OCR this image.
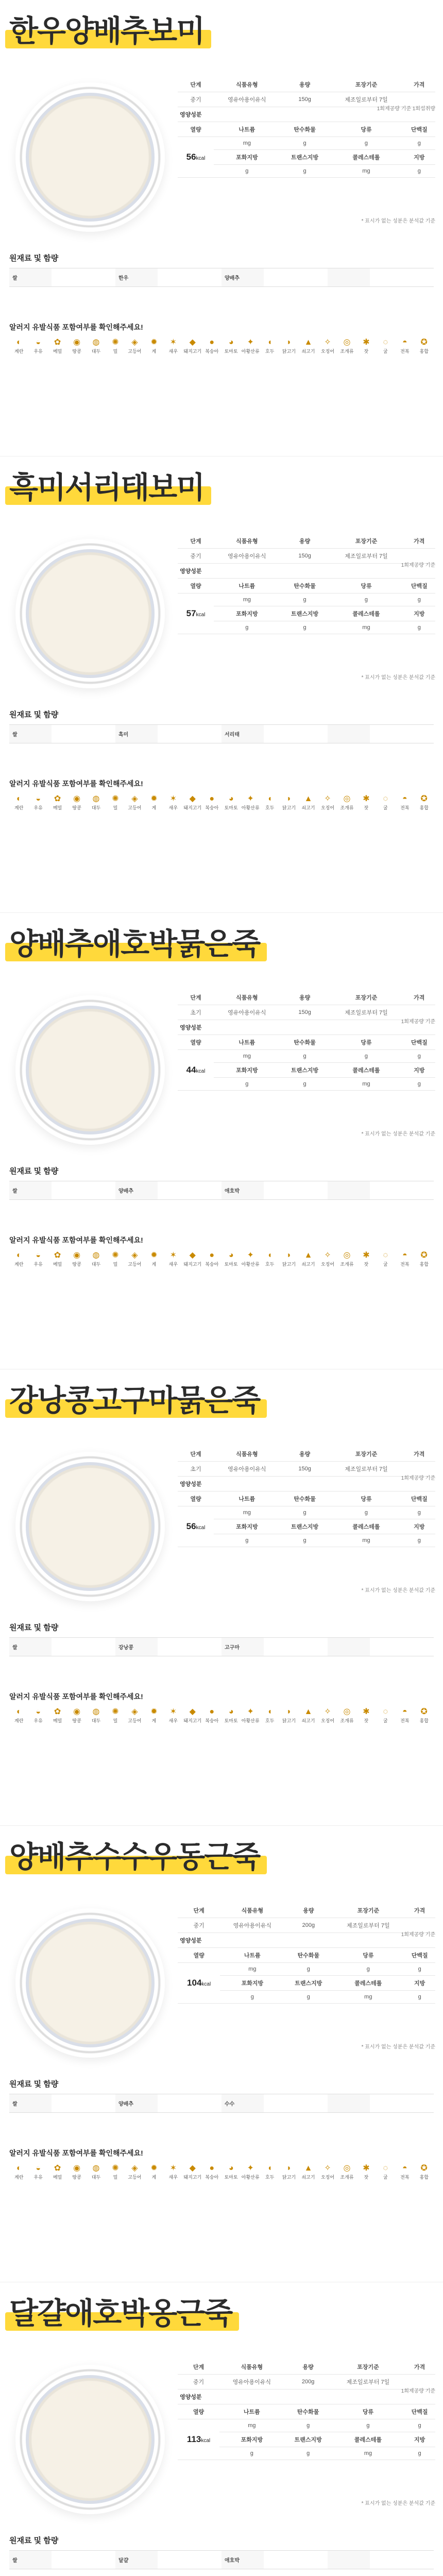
한우양배추보미
단계	식품유형	용량	포장기준	가격
중기	영유아용이유식	150g	제조일로부터 7일	
영양성분				
열량	나트륨	탄수화물	당류	단백질
56kcal	mg	g	g	g
	포화지방	트랜스지방	콜레스테롤	지방
	g	g	mg	g
1회제공량 기준 1회섭취량
* 표시가 없는 성분은 분석값 기준
원재료 및 함량
쌀		한우		양배추			
알러지 유발식품 포함여부를 확인해주세요!
◐
계란
◒
우유
✿
메밀
◉
땅콩
◍
대두
✺
밀
◈
고등어
✹
게
✶
새우
◆
돼지고기
●
복숭아
◕
토마토
✦
아황산류
◖
호두
◗
닭고기
▲
쇠고기
✧
오징어
◎
조개류
✱
잣
◌
굴
◓
전복
✪
홍합
흑미서리태보미
단계	식품유형	용량	포장기준	가격
중기	영유아용이유식	150g	제조일로부터 7일	
영양성분				
열량	나트륨	탄수화물	당류	단백질
57kcal	mg	g	g	g
	포화지방	트랜스지방	콜레스테롤	지방
	g	g	mg	g
1회제공량 기준
* 표시가 없는 성분은 분석값 기준
원재료 및 함량
쌀		흑미		서리태			
알러지 유발식품 포함여부를 확인해주세요!
◐
계란
◒
우유
✿
메밀
◉
땅콩
◍
대두
✺
밀
◈
고등어
✹
게
✶
새우
◆
돼지고기
●
복숭아
◕
토마토
✦
아황산류
◖
호두
◗
닭고기
▲
쇠고기
✧
오징어
◎
조개류
✱
잣
◌
굴
◓
전복
✪
홍합
양배추애호박묽은죽
단계	식품유형	용량	포장기준	가격
초기	영유아용이유식	150g	제조일로부터 7일	
영양성분				
열량	나트륨	탄수화물	당류	단백질
44kcal	mg	g	g	g
	포화지방	트랜스지방	콜레스테롤	지방
	g	g	mg	g
1회제공량 기준
* 표시가 없는 성분은 분석값 기준
원재료 및 함량
쌀		양배추		애호박			
알러지 유발식품 포함여부를 확인해주세요!
◐
계란
◒
우유
✿
메밀
◉
땅콩
◍
대두
✺
밀
◈
고등어
✹
게
✶
새우
◆
돼지고기
●
복숭아
◕
토마토
✦
아황산류
◖
호두
◗
닭고기
▲
쇠고기
✧
오징어
◎
조개류
✱
잣
◌
굴
◓
전복
✪
홍합
강낭콩고구마묽은죽
단계	식품유형	용량	포장기준	가격
초기	영유아용이유식	150g	제조일로부터 7일	
영양성분				
열량	나트륨	탄수화물	당류	단백질
56kcal	mg	g	g	g
	포화지방	트랜스지방	콜레스테롤	지방
	g	g	mg	g
1회제공량 기준
* 표시가 없는 성분은 분석값 기준
원재료 및 함량
쌀		강낭콩		고구마			
알러지 유발식품 포함여부를 확인해주세요!
◐
계란
◒
우유
✿
메밀
◉
땅콩
◍
대두
✺
밀
◈
고등어
✹
게
✶
새우
◆
돼지고기
●
복숭아
◕
토마토
✦
아황산류
◖
호두
◗
닭고기
▲
쇠고기
✧
오징어
◎
조개류
✱
잣
◌
굴
◓
전복
✪
홍합
양배추수수우동근죽
단계	식품유형	용량	포장기준	가격
중기	영유아용이유식	200g	제조일로부터 7일	
영양성분				
열량	나트륨	탄수화물	당류	단백질
104kcal	mg	g	g	g
	포화지방	트랜스지방	콜레스테롤	지방
	g	g	mg	g
1회제공량 기준
* 표시가 없는 성분은 분석값 기준
원재료 및 함량
쌀		양배추		수수			
알러지 유발식품 포함여부를 확인해주세요!
◐
계란
◒
우유
✿
메밀
◉
땅콩
◍
대두
✺
밀
◈
고등어
✹
게
✶
새우
◆
돼지고기
●
복숭아
◕
토마토
✦
아황산류
◖
호두
◗
닭고기
▲
쇠고기
✧
오징어
◎
조개류
✱
잣
◌
굴
◓
전복
✪
홍합
달걀애호박옹근죽
단계	식품유형	용량	포장기준	가격
중기	영유아용이유식	200g	제조일로부터 7일	
영양성분				
열량	나트륨	탄수화물	당류	단백질
113kcal	mg	g	g	g
	포화지방	트랜스지방	콜레스테롤	지방
	g	g	mg	g
1회제공량 기준
* 표시가 없는 성분은 분석값 기준
원재료 및 함량
쌀		달걀		애호박			
